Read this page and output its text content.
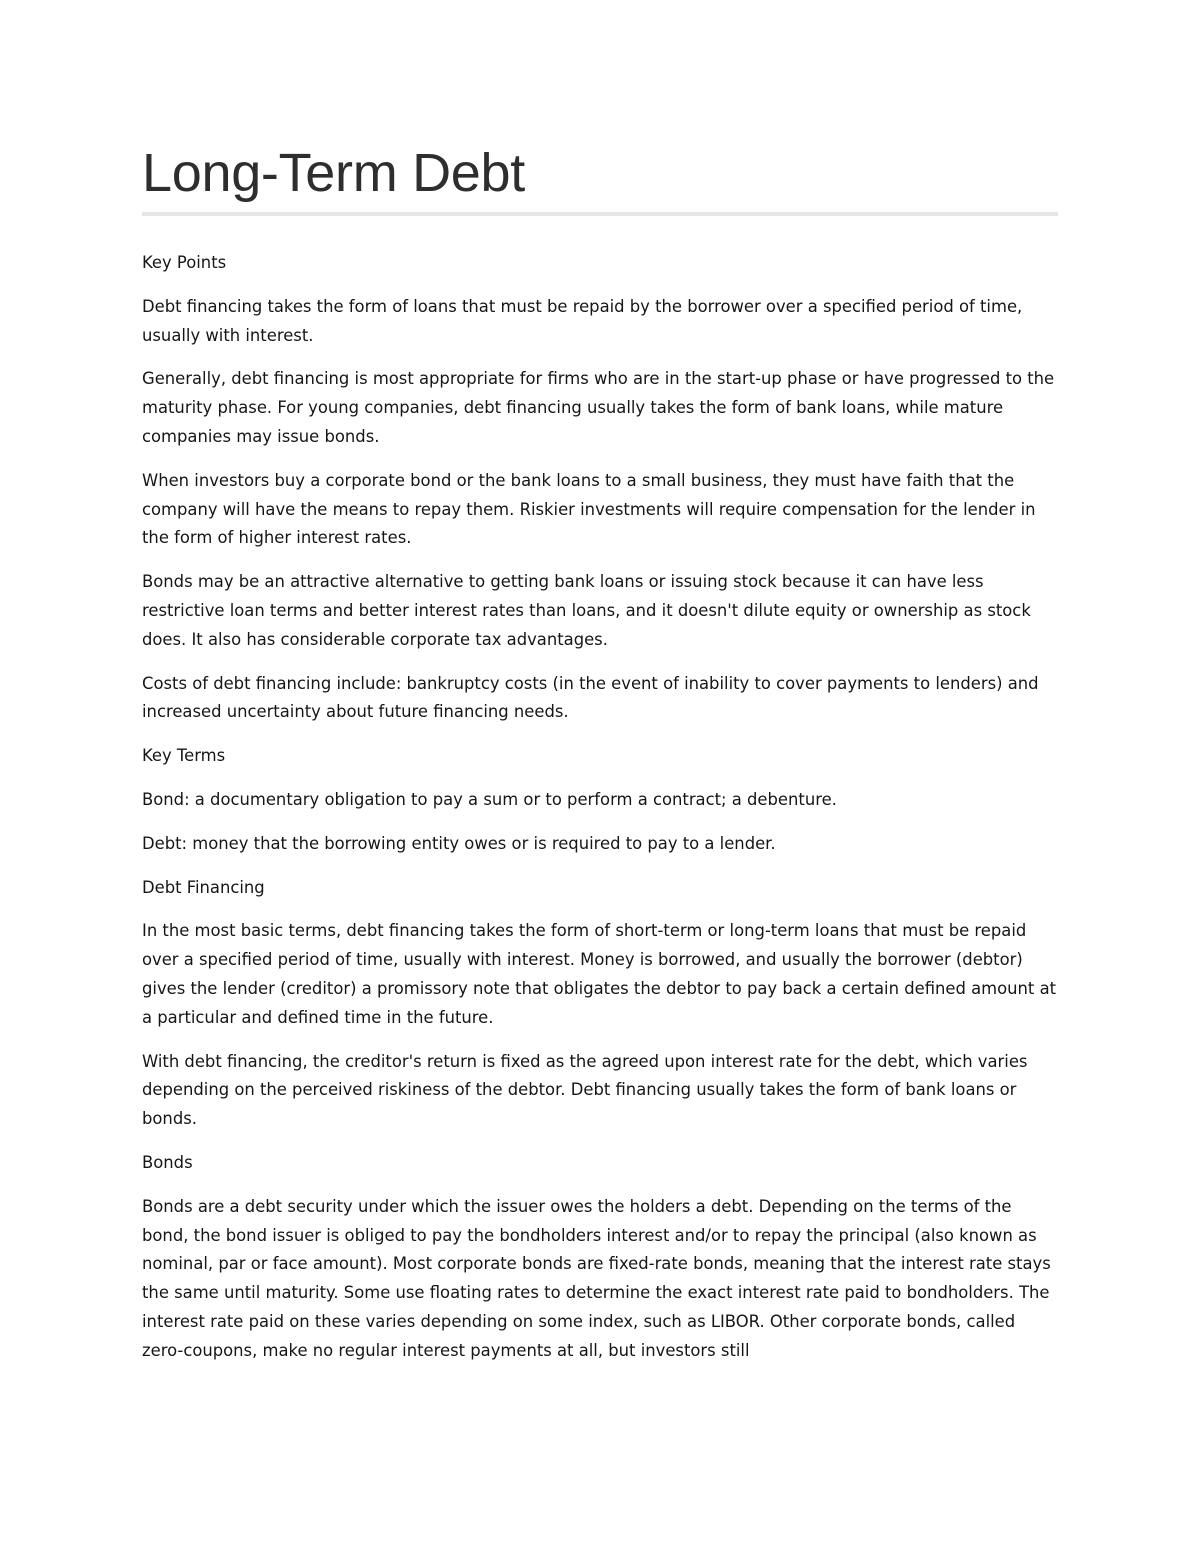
Long-Term Debt

Key Points

Debt financing takes the form of loans that must be repaid by the borrower over a specified period of time, usually with interest.

Generally, debt financing is most appropriate for firms who are in the start-up phase or have progressed to the maturity phase. For young companies, debt financing usually takes the form of bank loans, while mature companies may issue bonds.

When investors buy a corporate bond or the bank loans to a small business, they must have faith that the company will have the means to repay them. Riskier investments will require compensation for the lender in the form of higher interest rates.

Bonds may be an attractive alternative to getting bank loans or issuing stock because it can have less restrictive loan terms and better interest rates than loans, and it doesn't dilute equity or ownership as stock does. It also has considerable corporate tax advantages.

Costs of debt financing include: bankruptcy costs (in the event of inability to cover payments to lenders) and increased uncertainty about future financing needs.

Key Terms

Bond: a documentary obligation to pay a sum or to perform a contract; a debenture.

Debt: money that the borrowing entity owes or is required to pay to a lender.

Debt Financing

In the most basic terms, debt financing takes the form of short-term or long-term loans that must be repaid over a specified period of time, usually with interest. Money is borrowed, and usually the borrower (debtor) gives the lender (creditor) a promissory note that obligates the debtor to pay back a certain defined amount at a particular and defined time in the future.

With debt financing, the creditor's return is fixed as the agreed upon interest rate for the debt, which varies depending on the perceived riskiness of the debtor. Debt financing usually takes the form of bank loans or bonds.

Bonds

Bonds are a debt security under which the issuer owes the holders a debt. Depending on the terms of the bond, the bond issuer is obliged to pay the bondholders interest and/or to repay the principal (also known as nominal, par or face amount). Most corporate bonds are fixed-rate bonds, meaning that the interest rate stays the same until maturity. Some use floating rates to determine the exact interest rate paid to bondholders. The interest rate paid on these varies depending on some index, such as LIBOR. Other corporate bonds, called zero-coupons, make no regular interest payments at all, but investors still
